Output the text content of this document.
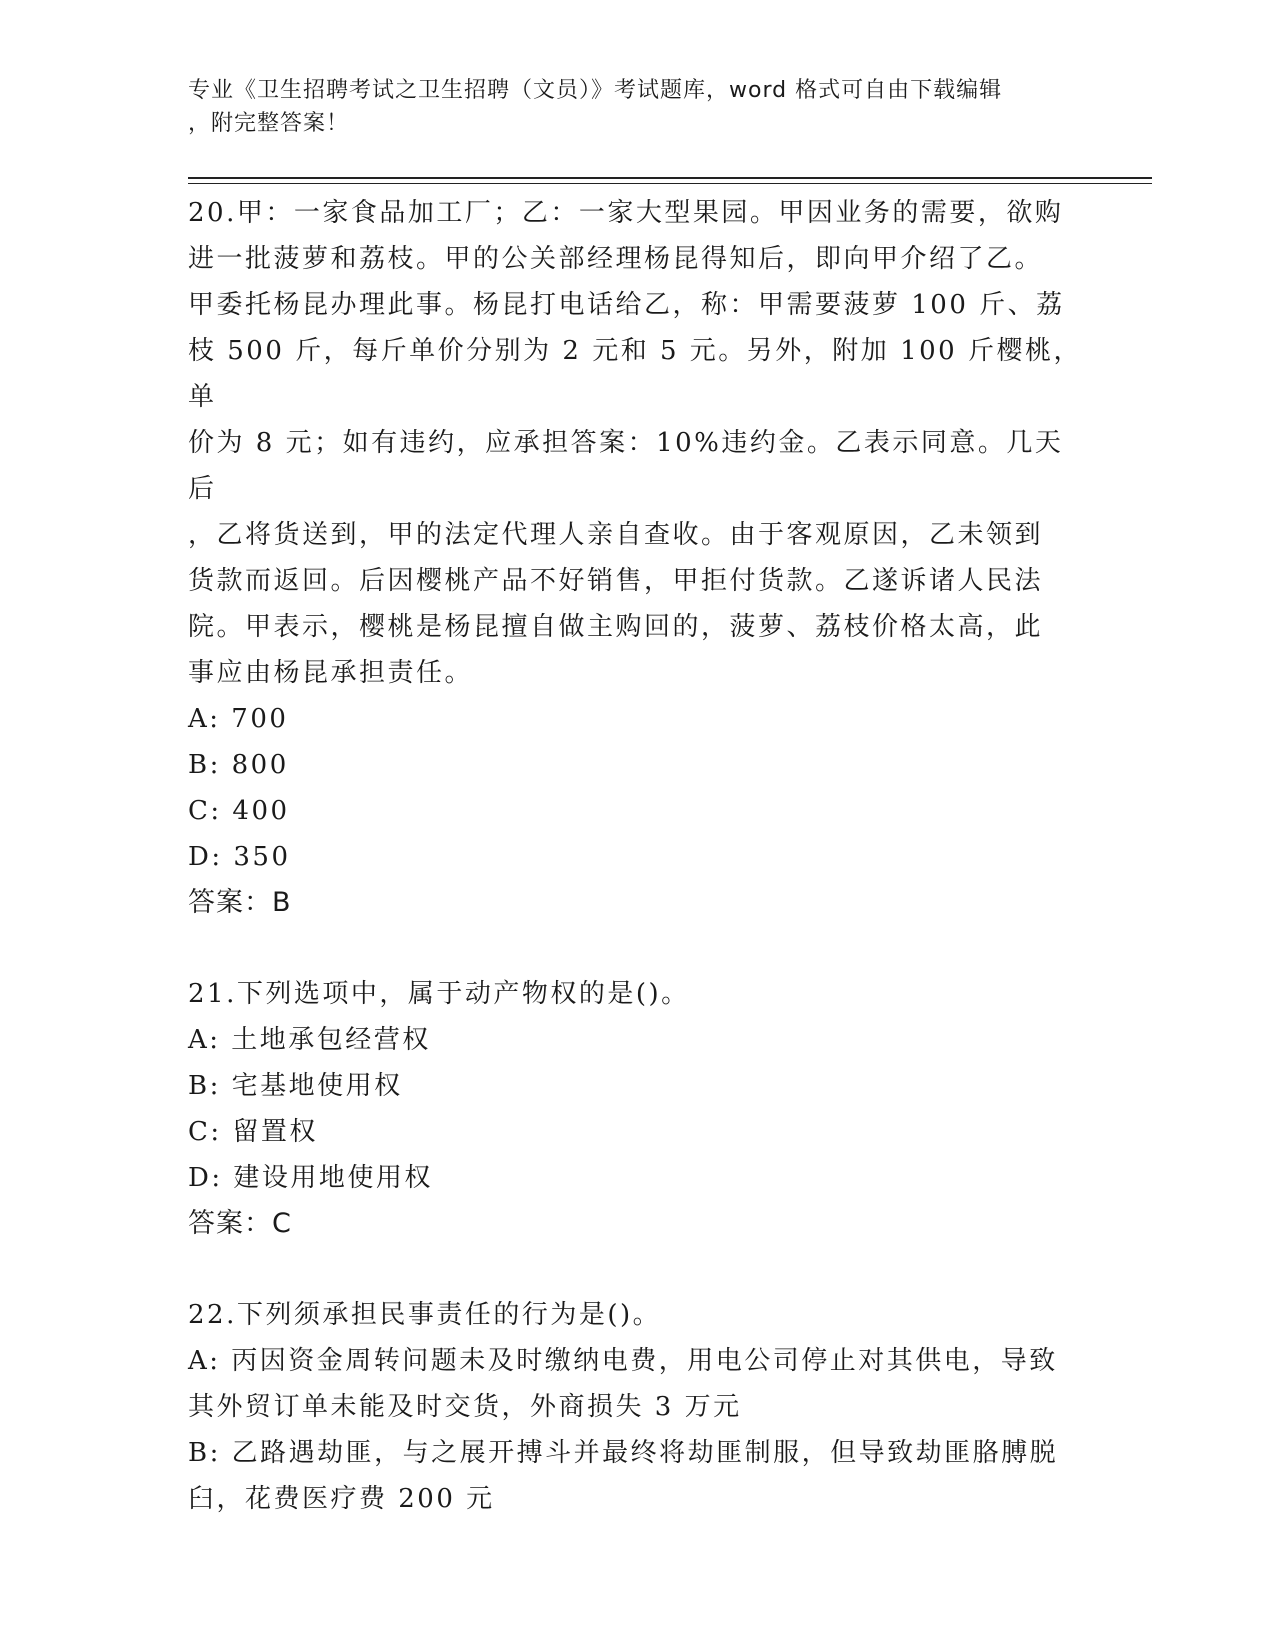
专业《卫生招聘考试之卫生招聘（文员）》考试题库，word 格式可自由下载编辑
，附完整答案！

20.甲：一家食品加工厂；乙：一家大型果园。甲因业务的需要，欲购

进一批菠萝和荔枝。甲的公关部经理杨昆得知后，即向甲介绍了乙。

甲委托杨昆办理此事。杨昆打电话给乙，称：甲需要菠萝 100 斤、荔

枝 500 斤，每斤单价分别为 2 元和 5 元。另外，附加 100 斤樱桃，单

价为 8 元；如有违约，应承担答案：10%违约金。乙表示同意。几天后

，乙将货送到，甲的法定代理人亲自查收。由于客观原因，乙未领到

货款而返回。后因樱桃产品不好销售，甲拒付货款。乙遂诉诸人民法

院。甲表示，樱桃是杨昆擅自做主购回的，菠萝、荔枝价格太高，此

事应由杨昆承担责任。

A: 700

B: 800

C: 400

D: 350

答案：B

21.下列选项中，属于动产物权的是()。

A: 土地承包经营权

B: 宅基地使用权

C: 留置权

D: 建设用地使用权

答案：C

22.下列须承担民事责任的行为是()。

A: 丙因资金周转问题未及时缴纳电费，用电公司停止对其供电，导致

其外贸订单未能及时交货，外商损失 3 万元

B: 乙路遇劫匪，与之展开搏斗并最终将劫匪制服，但导致劫匪胳膊脱

臼，花费医疗费 200 元
